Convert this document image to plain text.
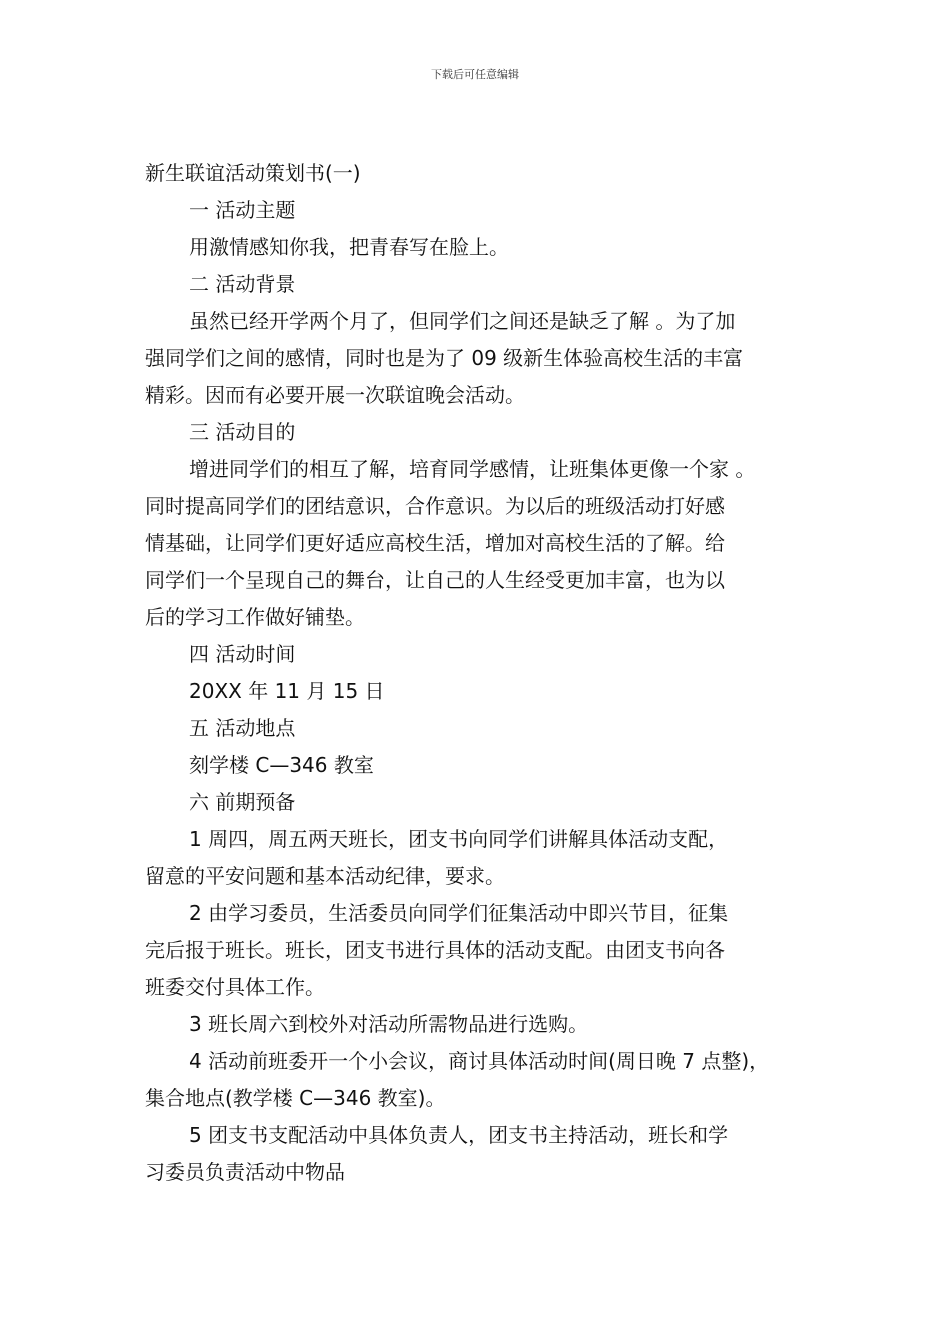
下载后可任意编辑

新生联谊活动策划书(一)

一 活动主题

用激情感知你我，把青春写在脸上。

二 活动背景

虽然已经开学两个月了，但同学们之间还是缺乏了解 。为了加

强同学们之间的感情，同时也是为了 09 级新生体验高校生活的丰富

精彩。因而有必要开展一次联谊晚会活动。

三 活动目的

增进同学们的相互了解，培育同学感情，让班集体更像一个家 。

同时提高同学们的团结意识，合作意识。为以后的班级活动打好感

情基础，让同学们更好适应高校生活，增加对高校生活的了解。给

同学们一个呈现自己的舞台，让自己的人生经受更加丰富，也为以

后的学习工作做好铺垫。

四 活动时间

20XX 年 11 月 15 日

五 活动地点

刻学楼 C—346 教室

六 前期预备

1 周四，周五两天班长，团支书向同学们讲解具体活动支配，

留意的平安问题和基本活动纪律，要求。

2 由学习委员，生活委员向同学们征集活动中即兴节目，征集

完后报于班长。班长，团支书进行具体的活动支配。由团支书向各

班委交付具体工作。

3 班长周六到校外对活动所需物品进行选购。

4 活动前班委开一个小会议，商讨具体活动时间(周日晚 7 点整)，

集合地点(教学楼 C—346 教室)。

5 团支书支配活动中具体负责人，团支书主持活动，班长和学

习委员负责活动中物品
